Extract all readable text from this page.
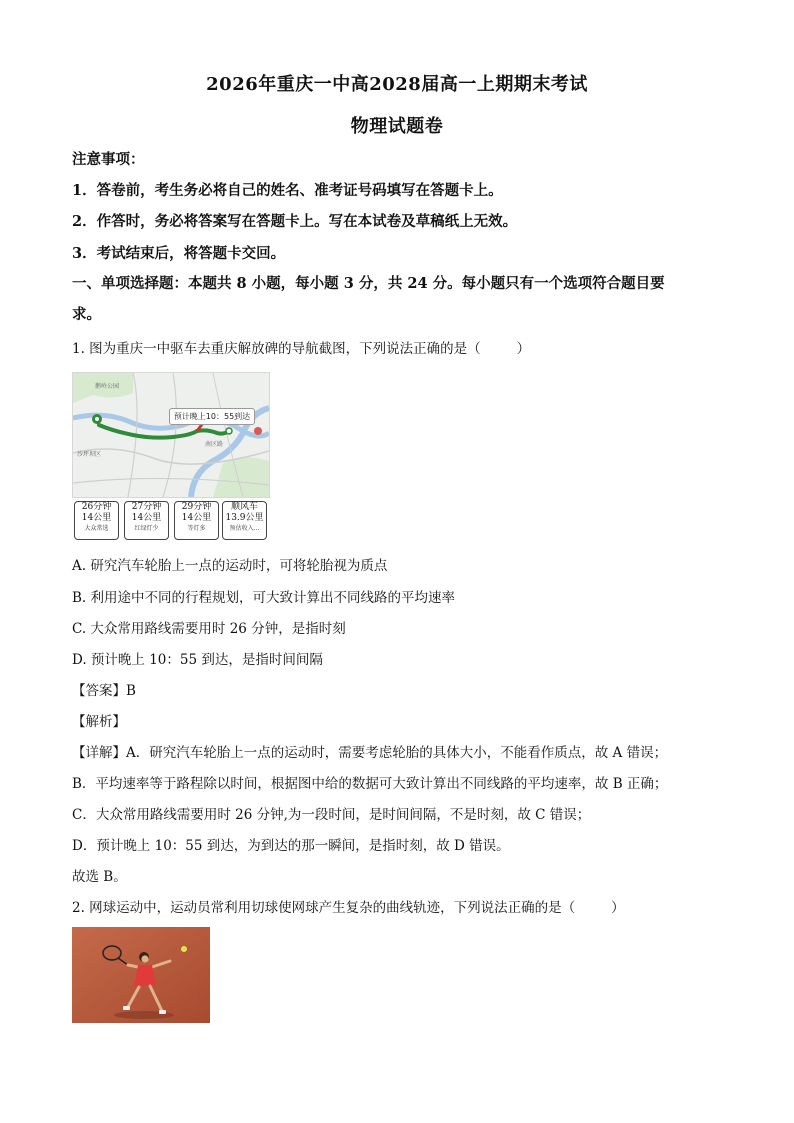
2026年重庆一中高2028届高一上期期末考试
物理试题卷
注意事项：
1．答卷前，考生务必将自己的姓名、准考证号码填写在答题卡上。
2．作答时，务必将答案写在答题卡上。写在本试卷及草稿纸上无效。
3．考试结束后，将答题卡交回。
一、单项选择题：本题共 8 小题，每小题 3 分，共 24 分。每小题只有一个选项符合题目要
求。
1. 图为重庆一中驱车去重庆解放碑的导航截图，下列说法正确的是（	）
预计晚上10：55到达
南区路
沙坪坝区
鹅岭公园
26分钟
14公里
大众常选
27分钟
14公里
红绿灯少
29分钟
14公里
等灯多
顺风车
13.9公里
预估收入...
A. 研究汽车轮胎上一点的运动时，可将轮胎视为质点
B. 利用途中不同的行程规划，可大致计算出不同线路的平均速率
C. 大众常用路线需要用时 26 分钟，是指时刻
D. 预计晚上 10：55 到达，是指时间间隔
【答案】B
【解析】
【详解】A．研究汽车轮胎上一点的运动时，需要考虑轮胎的具体大小，不能看作质点，故 A 错误；
B．平均速率等于路程除以时间，根据图中给的数据可大致计算出不同线路的平均速率，故 B 正确；
C．大众常用路线需要用时 26 分钟,为一段时间，是时间间隔，不是时刻，故 C 错误；
D．预计晚上 10：55 到达，为到达的那一瞬间，是指时刻，故 D 错误。
故选 B。
2. 网球运动中，运动员常利用切球使网球产生复杂的曲线轨迹，下列说法正确的是（	）
